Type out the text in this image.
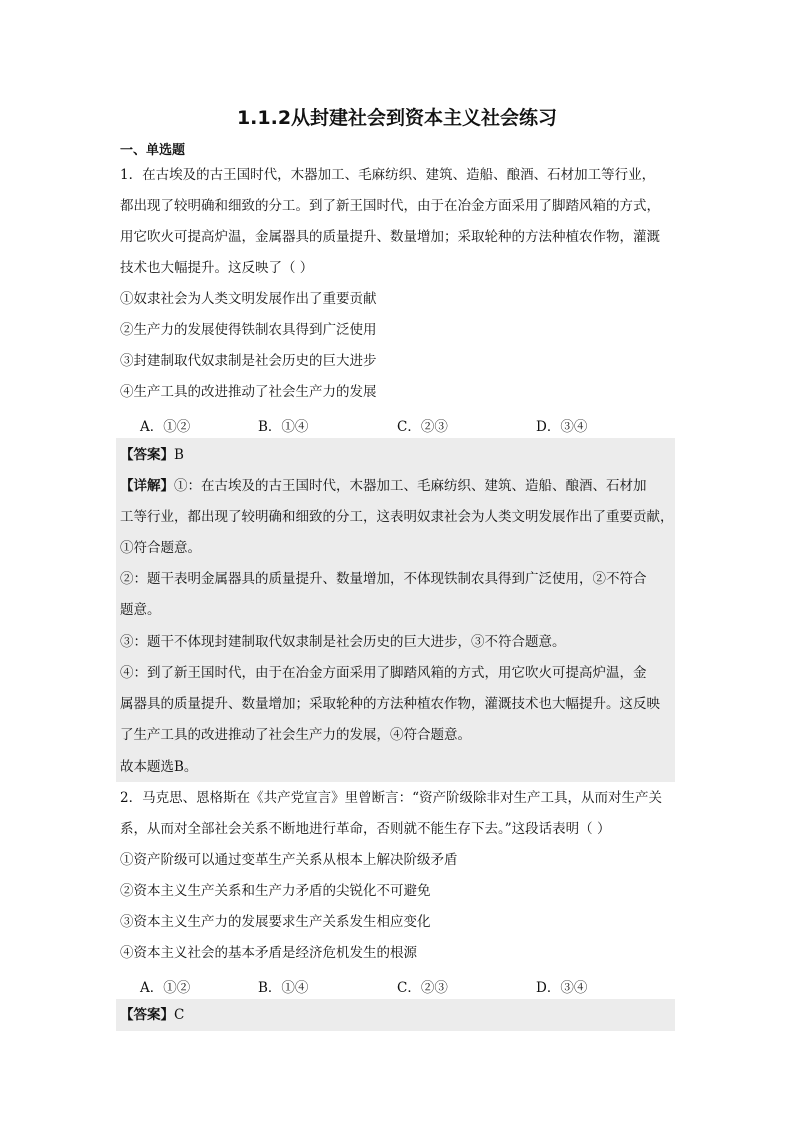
1.1.2从封建社会到资本主义社会练习
一、单选题
1．在古埃及的古王国时代，木器加工、毛麻纺织、建筑、造船、酿酒、石材加工等行业，
都出现了较明确和细致的分工。到了新王国时代，由于在冶金方面采用了脚踏风箱的方式，
用它吹火可提高炉温，金属器具的质量提升、数量增加；采取轮种的方法种植农作物，灌溉
技术也大幅提升。这反映了（ ）
①奴隶社会为人类文明发展作出了重要贡献
②生产力的发展使得铁制农具得到广泛使用
③封建制取代奴隶制是社会历史的巨大进步
④生产工具的改进推动了社会生产力的发展
A．①②	B．①④	C．②③	D．③④
【答案】B
【详解】①：在古埃及的古王国时代，木器加工、毛麻纺织、建筑、造船、酿酒、石材加
工等行业，都出现了较明确和细致的分工，这表明奴隶社会为人类文明发展作出了重要贡献，
①符合题意。
②：题干表明金属器具的质量提升、数量增加，不体现铁制农具得到广泛使用，②不符合
题意。
③：题干不体现封建制取代奴隶制是社会历史的巨大进步，③不符合题意。
④：到了新王国时代，由于在冶金方面采用了脚踏风箱的方式，用它吹火可提高炉温，金
属器具的质量提升、数量增加；采取轮种的方法种植农作物，灌溉技术也大幅提升。这反映
了生产工具的改进推动了社会生产力的发展，④符合题意。
故本题选B。
2．马克思、恩格斯在《共产党宣言》里曾断言：“资产阶级除非对生产工具，从而对生产关
系，从而对全部社会关系不断地进行革命，否则就不能生存下去。”这段话表明（ ）
①资产阶级可以通过变革生产关系从根本上解决阶级矛盾
②资本主义生产关系和生产力矛盾的尖锐化不可避免
③资本主义生产力的发展要求生产关系发生相应变化
④资本主义社会的基本矛盾是经济危机发生的根源
A．①②	B．①④	C．②③	D．③④
【答案】C
